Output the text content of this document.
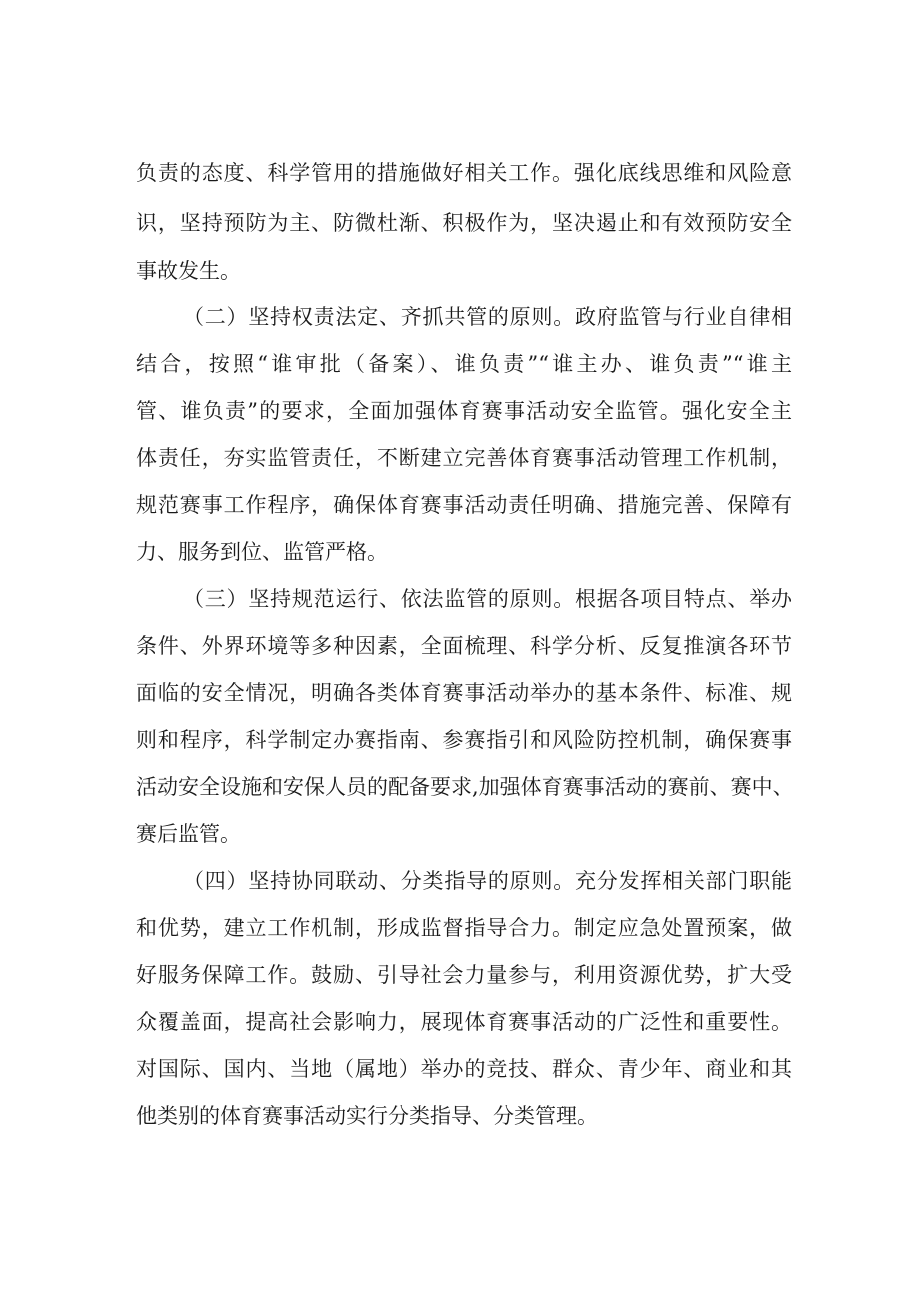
负责的态度、科学管用的措施做好相关工作。强化底线思维和风险意
识，坚持预防为主、防微杜渐、积极作为，坚决遏止和有效预防安全
事故发生。
（二）坚持权责法定、齐抓共管的原则。政府监管与行业自律相
结合，按照“谁审批（备案）、谁负责”“谁主办、谁负责”“谁主
管、谁负责”的要求，全面加强体育赛事活动安全监管。强化安全主
体责任，夯实监管责任，不断建立完善体育赛事活动管理工作机制，
规范赛事工作程序，确保体育赛事活动责任明确、措施完善、保障有
力、服务到位、监管严格。
（三）坚持规范运行、依法监管的原则。根据各项目特点、举办
条件、外界环境等多种因素，全面梳理、科学分析、反复推演各环节
面临的安全情况，明确各类体育赛事活动举办的基本条件、标准、规
则和程序，科学制定办赛指南、参赛指引和风险防控机制，确保赛事
活动安全设施和安保人员的配备要求,加强体育赛事活动的赛前、赛中、
赛后监管。
（四）坚持协同联动、分类指导的原则。充分发挥相关部门职能
和优势，建立工作机制，形成监督指导合力。制定应急处置预案，做
好服务保障工作。鼓励、引导社会力量参与，利用资源优势，扩大受
众覆盖面，提高社会影响力，展现体育赛事活动的广泛性和重要性。
对国际、国内、当地（属地）举办的竞技、群众、青少年、商业和其
他类别的体育赛事活动实行分类指导、分类管理。
